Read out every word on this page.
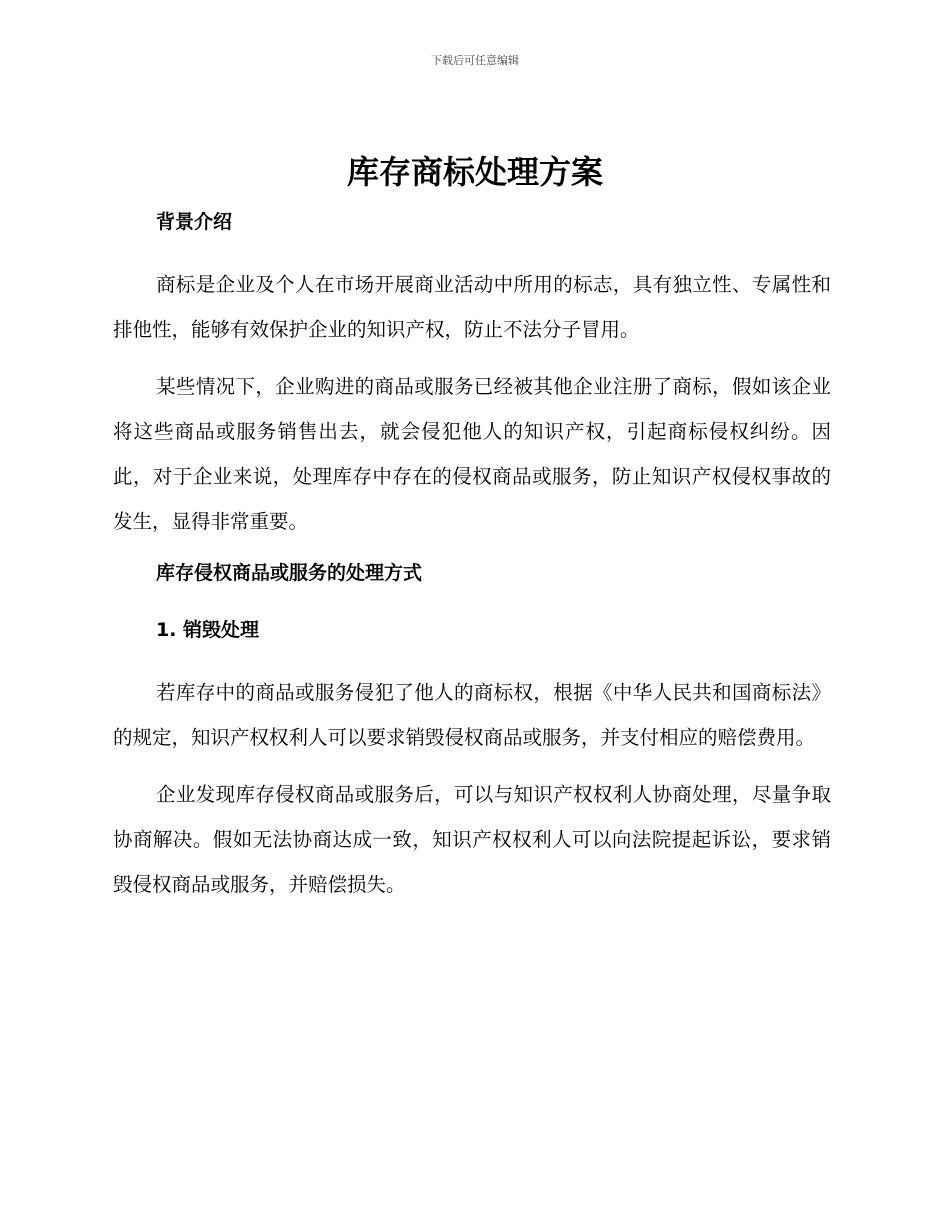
下载后可任意编辑
库存商标处理方案

背景介绍

商标是企业及个人在市场开展商业活动中所用的标志，具有独立性、专属性和排他性，能够有效保护企业的知识产权，防止不法分子冒用。

某些情况下，企业购进的商品或服务已经被其他企业注册了商标，假如该企业将这些商品或服务销售出去，就会侵犯他人的知识产权，引起商标侵权纠纷。因此，对于企业来说，处理库存中存在的侵权商品或服务，防止知识产权侵权事故的发生，显得非常重要。

库存侵权商品或服务的处理方式

1. 销毁处理

若库存中的商品或服务侵犯了他人的商标权，根据《中华人民共和国商标法》的规定，知识产权权利人可以要求销毁侵权商品或服务，并支付相应的赔偿费用。

企业发现库存侵权商品或服务后，可以与知识产权权利人协商处理，尽量争取协商解决。假如无法协商达成一致，知识产权权利人可以向法院提起诉讼，要求销毁侵权商品或服务，并赔偿损失。
